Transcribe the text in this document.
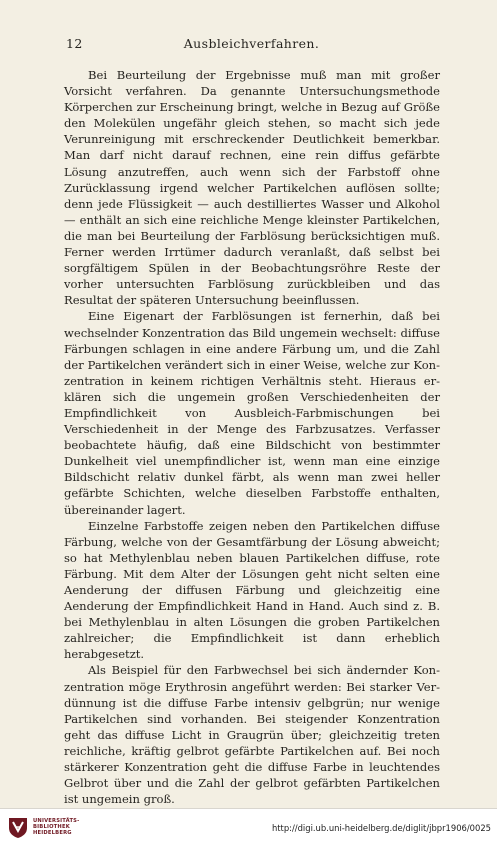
12	Ausbleichverfahren.

Bei Beurteilung der Ergebnisse muß man mit großer Vorsicht verfahren. Da genannte Untersuchungsmethode Körperchen zur Erscheinung bringt, welche in Bezug auf Größe den Molekülen ungefähr gleich stehen, so macht sich jede Verunreinigung mit erschreckender Deutlichkeit bemerkbar. Man darf nicht darauf rechnen, eine rein diffus gefärbte Lösung anzutreffen, auch wenn sich der Farbstoff ohne Zurücklassung irgend welcher Partikelchen auflösen sollte; denn jede Flüssigkeit — auch destilliertes Wasser und Alkohol — enthält an sich eine reichliche Menge kleinster Partikelchen, die man bei Beurteilung der Farblösung berücksichtigen muß. Ferner werden Irrtümer dadurch veranlaßt, daß selbst bei sorgfältigem Spülen in der Beobachtungsröhre Reste der vorher untersuchten Farblösung zurückbleiben und das Resultat der späteren Untersuchung beeinflussen.

Eine Eigenart der Farblösungen ist fernerhin, daß bei wechselnder Konzentration das Bild ungemein wechselt: diffuse Färbungen schlagen in eine andere Färbung um, und die Zahl der Partikelchen verändert sich in einer Weise, welche zur Konzentration in keinem richtigen Verhältnis steht. Hieraus erklären sich die ungemein großen Verschiedenheiten der Empfindlichkeit von Ausbleich-Farbmischungen bei Verschiedenheit in der Menge des Farbzusatzes. Verfasser beobachtete häufig, daß eine Bildschicht von bestimmter Dunkelheit viel unempfindlicher ist, wenn man eine einzige Bildschicht relativ dunkel färbt, als wenn man zwei heller gefärbte Schichten, welche dieselben Farbstoffe enthalten, übereinander lagert.

Einzelne Farbstoffe zeigen neben den Partikelchen diffuse Färbung, welche von der Gesamtfärbung der Lösung abweicht; so hat Methylenblau neben blauen Partikelchen diffuse, rote Färbung. Mit dem Alter der Lösungen geht nicht selten eine Aenderung der diffusen Färbung und gleichzeitig eine Aenderung der Empfindlichkeit Hand in Hand. Auch sind z. B. bei Methylenblau in alten Lösungen die groben Partikelchen zahlreicher; die Empfindlichkeit ist dann erheblich herabgesetzt.

Als Beispiel für den Farbwechsel bei sich ändernder Konzentration möge Erythrosin angeführt werden: Bei starker Verdünnung ist die diffuse Farbe intensiv gelbgrün; nur wenige Partikelchen sind vorhanden. Bei steigender Konzentration geht das diffuse Licht in Graugrün über; gleichzeitig treten reichliche, kräftig gelbrot gefärbte Partikelchen auf. Bei noch stärkerer Konzentration geht die diffuse Farbe in leuchtendes Gelbrot über und die Zahl der gelbrot gefärbten Partikelchen ist ungemein groß.

UNIVERSITÄTS-
BIBLIOTHEK
HEIDELBERG
http://digi.ub.uni-heidelberg.de/diglit/jbpr1906/0025
